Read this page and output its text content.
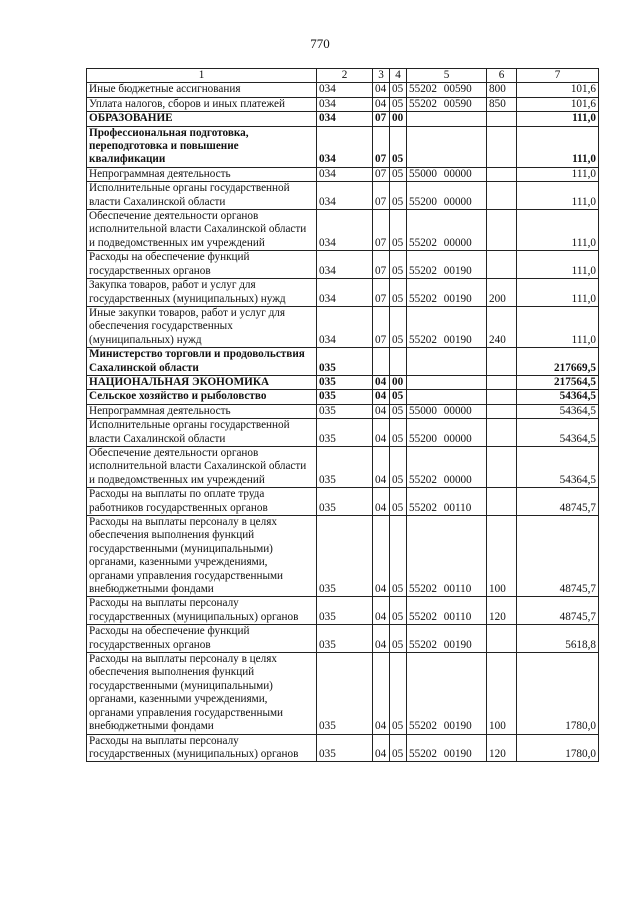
770
1	2	3	4	5	6	7
Иные бюджетные ассигнования	034	04	05	55202 00590	800	101,6
Уплата налогов, сборов и иных платежей	034	04	05	55202 00590	850	101,6
ОБРАЗОВАНИЕ	034	07	00			111,0
Профессиональная подготовка, переподготовка и повышение квалификации	034	07	05			111,0
Непрограммная деятельность	034	07	05	55000 00000		111,0
Исполнительные органы государственной власти Сахалинской области	034	07	05	55200 00000		111,0
Обеспечение деятельности органов исполнительной власти Сахалинской области и подведомственных им учреждений	034	07	05	55202 00000		111,0
Расходы на обеспечение функций государственных органов	034	07	05	55202 00190		111,0
Закупка товаров, работ и услуг для государственных (муниципальных) нужд	034	07	05	55202 00190	200	111,0
Иные закупки товаров, работ и услуг для обеспечения государственных (муниципальных) нужд	034	07	05	55202 00190	240	111,0
Министерство торговли и продовольствия Сахалинской области	035					217669,5
НАЦИОНАЛЬНАЯ ЭКОНОМИКА	035	04	00			217564,5
Сельское хозяйство и рыболовство	035	04	05			54364,5
Непрограммная деятельность	035	04	05	55000 00000		54364,5
Исполнительные органы государственной власти Сахалинской области	035	04	05	55200 00000		54364,5
Обеспечение деятельности органов исполнительной власти Сахалинской области и подведомственных им учреждений	035	04	05	55202 00000		54364,5
Расходы на выплаты по оплате труда работников государственных органов	035	04	05	55202 00110		48745,7
Расходы на выплаты персоналу в целях обеспечения выполнения функций государственными (муниципальными) органами, казенными учреждениями, органами управления государственными внебюджетными фондами	035	04	05	55202 00110	100	48745,7
Расходы на выплаты персоналу государственных (муниципальных) органов	035	04	05	55202 00110	120	48745,7
Расходы на обеспечение функций государственных органов	035	04	05	55202 00190		5618,8
Расходы на выплаты персоналу в целях обеспечения выполнения функций государственными (муниципальными) органами, казенными учреждениями, органами управления государственными внебюджетными фондами	035	04	05	55202 00190	100	1780,0
Расходы на выплаты персоналу государственных (муниципальных) органов	035	04	05	55202 00190	120	1780,0
